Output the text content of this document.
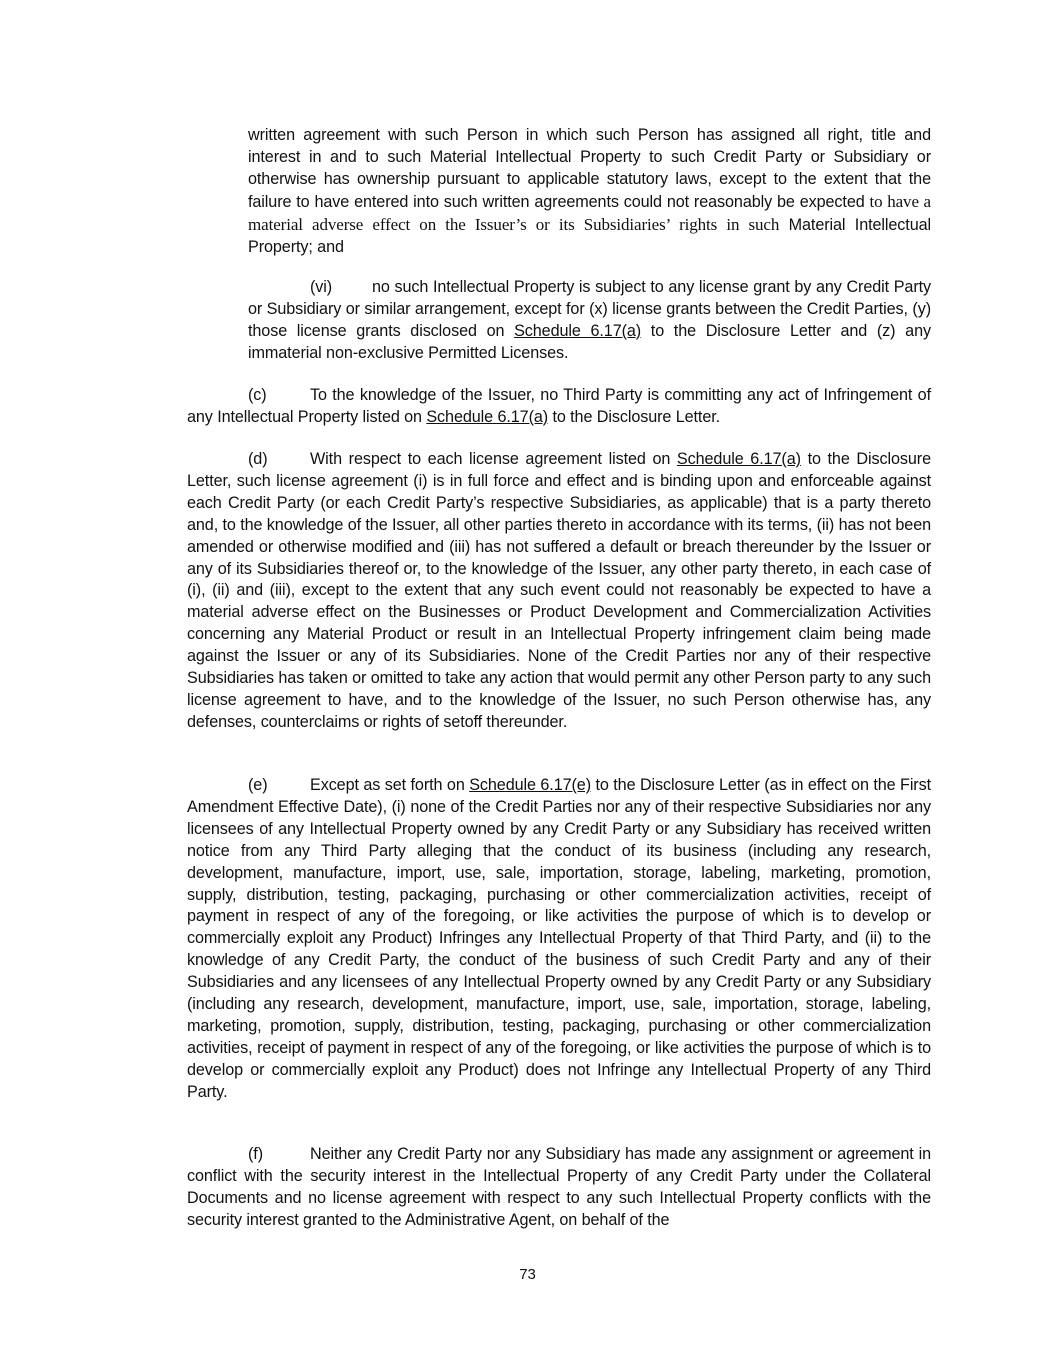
written agreement with such Person in which such Person has assigned all right, title and interest in and to such Material Intellectual Property to such Credit Party or Subsidiary or otherwise has ownership pursuant to applicable statutory laws, except to the extent that the failure to have entered into such written agreements could not reasonably be expected to have a material adverse effect on the Issuer’s or its Subsidiaries’ rights in such Material Intellectual Property; and

(vi) no such Intellectual Property is subject to any license grant by any Credit Party or Subsidiary or similar arrangement, except for (x) license grants between the Credit Parties, (y) those license grants disclosed on Schedule 6.17(a) to the Disclosure Letter and (z) any immaterial non-exclusive Permitted Licenses.

(c)	To the knowledge of the Issuer, no Third Party is committing any act of Infringement of any Intellectual Property listed on Schedule 6.17(a) to the Disclosure Letter.

(d)	With respect to each license agreement listed on Schedule 6.17(a) to the Disclosure Letter, such license agreement (i) is in full force and effect and is binding upon and enforceable against each Credit Party (or each Credit Party’s respective Subsidiaries, as applicable) that is a party thereto and, to the knowledge of the Issuer, all other parties thereto in accordance with its terms, (ii) has not been amended or otherwise modified and (iii) has not suffered a default or breach thereunder by the Issuer or any of its Subsidiaries thereof or, to the knowledge of the Issuer, any other party thereto, in each case of (i), (ii) and (iii), except to the extent that any such event could not reasonably be expected to have a material adverse effect on the Businesses or Product Development and Commercialization Activities concerning any Material Product or result in an Intellectual Property infringement claim being made against the Issuer or any of its Subsidiaries. None of the Credit Parties nor any of their respective Subsidiaries has taken or omitted to take any action that would permit any other Person party to any such license agreement to have, and to the knowledge of the Issuer, no such Person otherwise has, any defenses, counterclaims or rights of setoff thereunder.

(e)	Except as set forth on Schedule 6.17(e) to the Disclosure Letter (as in effect on the First Amendment Effective Date), (i) none of the Credit Parties nor any of their respective Subsidiaries nor any licensees of any Intellectual Property owned by any Credit Party or any Subsidiary has received written notice from any Third Party alleging that the conduct of its business (including any research, development, manufacture, import, use, sale, importation, storage, labeling, marketing, promotion, supply, distribution, testing, packaging, purchasing or other commercialization activities, receipt of payment in respect of any of the foregoing, or like activities the purpose of which is to develop or commercially exploit any Product) Infringes any Intellectual Property of that Third Party, and (ii) to the knowledge of any Credit Party, the conduct of the business of such Credit Party and any of their Subsidiaries and any licensees of any Intellectual Property owned by any Credit Party or any Subsidiary (including any research, development, manufacture, import, use, sale, importation, storage, labeling, marketing, promotion, supply, distribution, testing, packaging, purchasing or other commercialization activities, receipt of payment in respect of any of the foregoing, or like activities the purpose of which is to develop or commercially exploit any Product) does not Infringe any Intellectual Property of any Third Party.

(f)	Neither any Credit Party nor any Subsidiary has made any assignment or agreement in conflict with the security interest in the Intellectual Property of any Credit Party under the Collateral Documents and no license agreement with respect to any such Intellectual Property conflicts with the security interest granted to the Administrative Agent, on behalf of the

73
